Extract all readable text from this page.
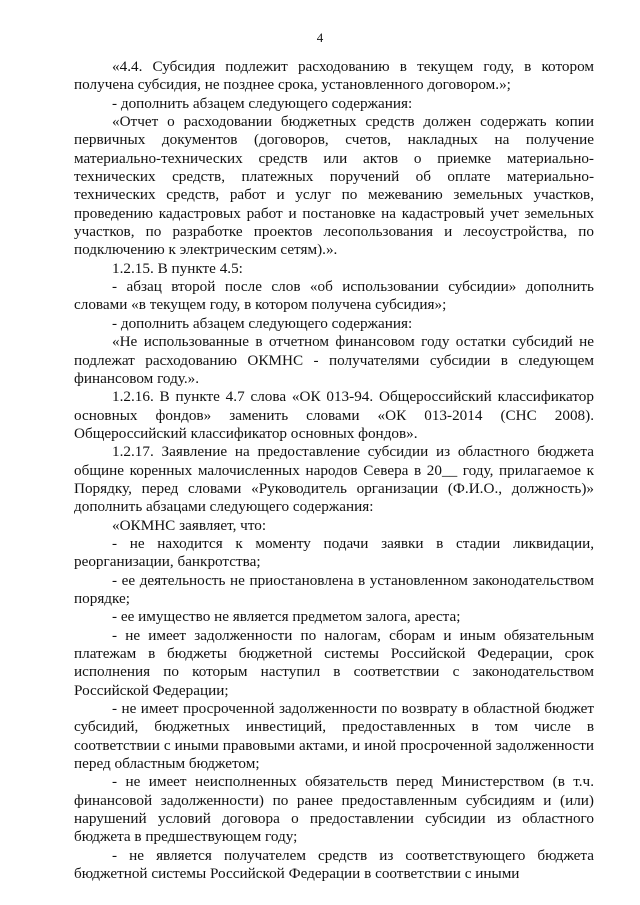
4

«4.4. Субсидия подлежит расходованию в текущем году, в котором получена субсидия, не позднее срока, установленного договором.»;

- дополнить абзацем следующего содержания:

«Отчет о расходовании бюджетных средств должен содержать копии первичных документов (договоров, счетов, накладных на получение материально-технических средств или актов о приемке материально-технических средств, платежных поручений об оплате материально-технических средств, работ и услуг по межеванию земельных участков, проведению кадастровых работ и постановке на кадастровый учет земельных участков, по разработке проектов лесопользования и лесоустройства, по подключению к электрическим сетям).».

1.2.15. В пункте 4.5:

- абзац второй после слов «об использовании субсидии» дополнить словами «в текущем году, в котором получена субсидия»;

- дополнить абзацем следующего содержания:

«Не использованные в отчетном финансовом году остатки субсидий не подлежат расходованию ОКМНС - получателями субсидии в следующем финансовом году.».

1.2.16. В пункте 4.7 слова «ОК 013-94. Общероссийский классификатор основных фондов» заменить словами «ОК 013-2014 (СНС 2008). Общероссийский классификатор основных фондов».

1.2.17. Заявление на предоставление субсидии из областного бюджета общине коренных малочисленных народов Севера в 20__ году, прилагаемое к Порядку, перед словами «Руководитель организации (Ф.И.О., должность)» дополнить абзацами следующего содержания:

«ОКМНС заявляет, что:

- не находится к моменту подачи заявки в стадии ликвидации, реорганизации, банкротства;

- ее деятельность не приостановлена в установленном законодательством порядке;

- ее имущество не является предметом залога, ареста;

- не имеет задолженности по налогам, сборам и иным обязательным платежам в бюджеты бюджетной системы Российской Федерации, срок исполнения по которым наступил в соответствии с законодательством Российской Федерации;

- не имеет просроченной задолженности по возврату в областной бюджет субсидий, бюджетных инвестиций, предоставленных в том числе в соответствии с иными правовыми актами, и иной просроченной задолженности перед областным бюджетом;

- не имеет неисполненных обязательств перед Министерством (в т.ч. финансовой задолженности) по ранее предоставленным субсидиям и (или) нарушений условий договора о предоставлении субсидии из областного бюджета в предшествующем году;

- не является получателем средств из соответствующего бюджета бюджетной системы Российской Федерации в соответствии с иными
